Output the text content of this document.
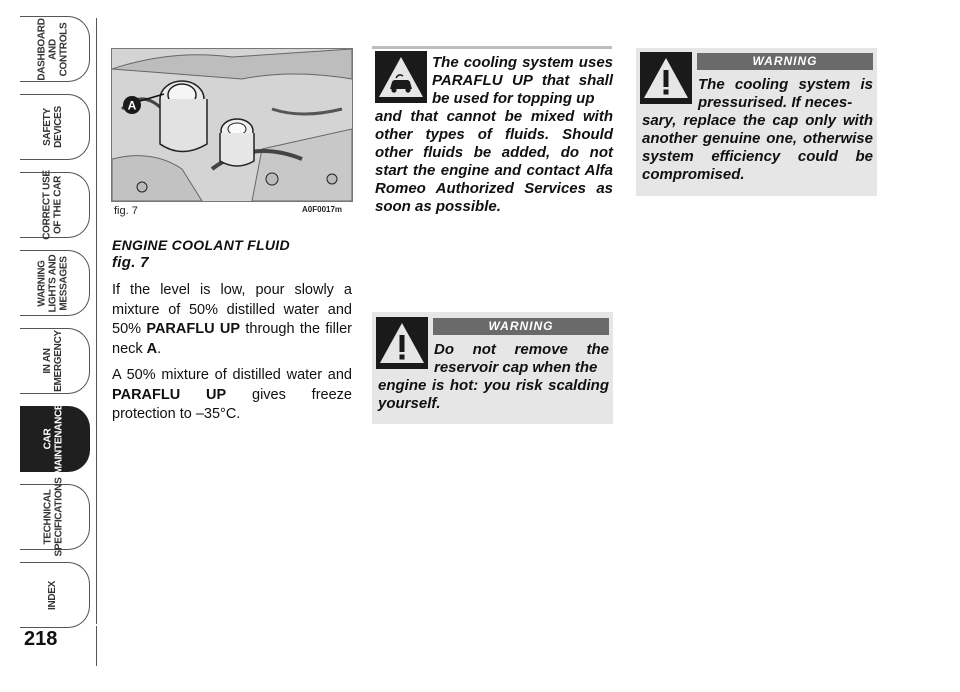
DASHBOARD
AND
CONTROLS
SAFETY
DEVICES
CORRECT USE
OF THE CAR
WARNING
LIGHTS AND
MESSAGES
IN AN
EMERGENCY
CAR
MAINTENANCE
TECHNICAL
SPECIFICATIONS
INDEX
218
A
fig. 7	A0F0017m
ENGINE COOLANT FLUID
fig. 7
If the level is low, pour slowly a mixture of 50% distilled water and 50% PARAFLU UP through the filler neck A.
A 50% mixture of distilled water and PARAFLU UP gives freeze protection to –35°C.
The cooling system uses PARAFLU UP that shall be used for topping up
and that cannot be mixed with other types of fluids. Should other fluids be added, do not start the engine and contact Alfa Romeo Authorized Services as soon as possible.
WARNING
Do not remove the reservoir cap when the
engine is hot: you risk scalding yourself.
WARNING
The cooling system is pressurised. If neces-
sary, replace the cap only with another genuine one, otherwise system efficiency could be compromised.
